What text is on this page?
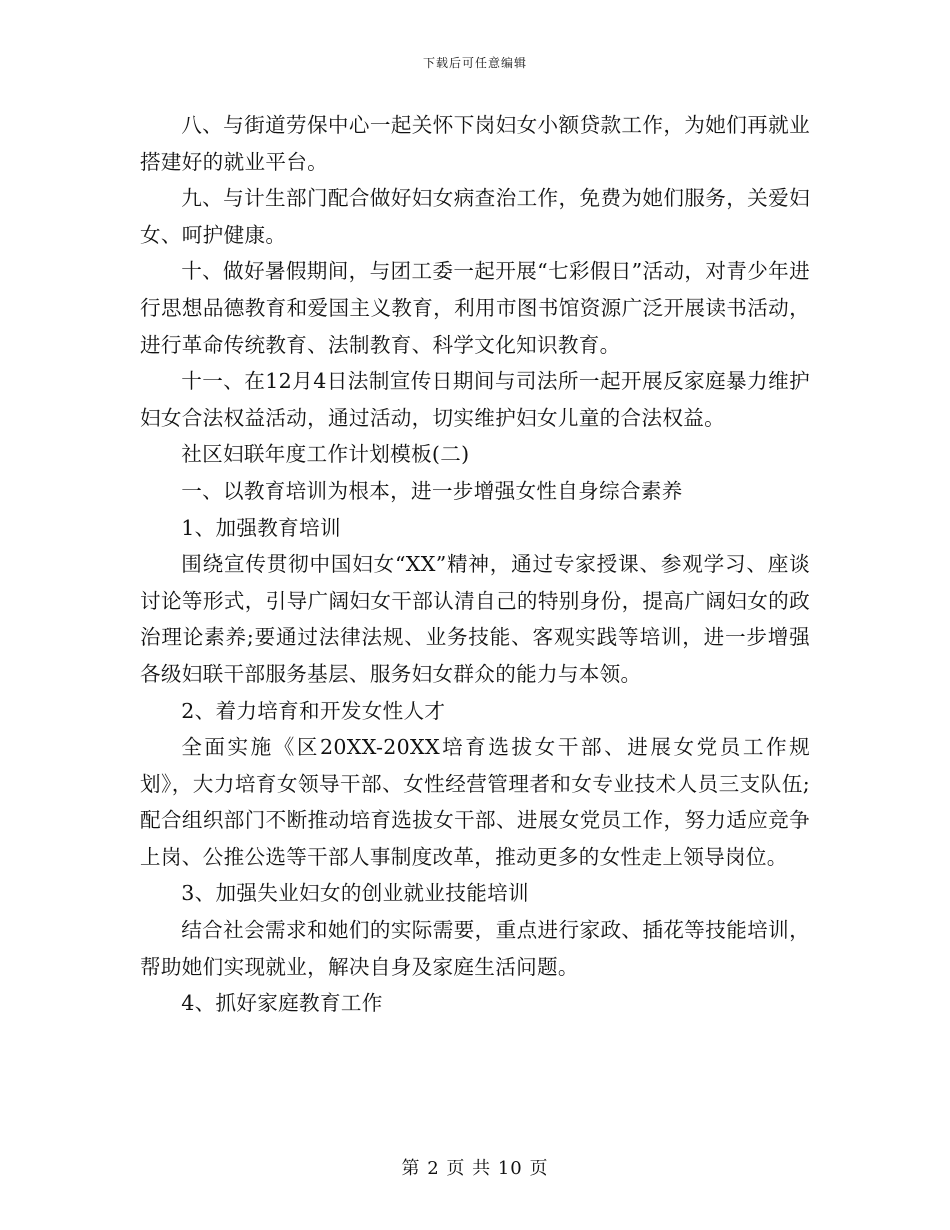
下载后可任意编辑

八、与街道劳保中心一起关怀下岗妇女小额贷款工作，为她们再就业搭建好的就业平台。

九、与计生部门配合做好妇女病查治工作，免费为她们服务，关爱妇女、呵护健康。

十、做好暑假期间，与团工委一起开展“七彩假日”活动，对青少年进行思想品德教育和爱国主义教育，利用市图书馆资源广泛开展读书活动，进行革命传统教育、法制教育、科学文化知识教育。

十一、在12月4日法制宣传日期间与司法所一起开展反家庭暴力维护妇女合法权益活动，通过活动，切实维护妇女儿童的合法权益。

社区妇联年度工作计划模板(二)

一、以教育培训为根本，进一步增强女性自身综合素养

1、加强教育培训

围绕宣传贯彻中国妇女“XX”精神，通过专家授课、参观学习、座谈讨论等形式，引导广阔妇女干部认清自己的特别身份，提高广阔妇女的政治理论素养;要通过法律法规、业务技能、客观实践等培训，进一步增强各级妇联干部服务基层、服务妇女群众的能力与本领。

2、着力培育和开发女性人才

全面实施《区20XX-20XX培育选拔女干部、进展女党员工作规划》，大力培育女领导干部、女性经营管理者和女专业技术人员三支队伍;配合组织部门不断推动培育选拔女干部、进展女党员工作，努力适应竞争上岗、公推公选等干部人事制度改革，推动更多的女性走上领导岗位。

3、加强失业妇女的创业就业技能培训

结合社会需求和她们的实际需要，重点进行家政、插花等技能培训，帮助她们实现就业，解决自身及家庭生活问题。

4、抓好家庭教育工作

第 2 页 共 10 页
